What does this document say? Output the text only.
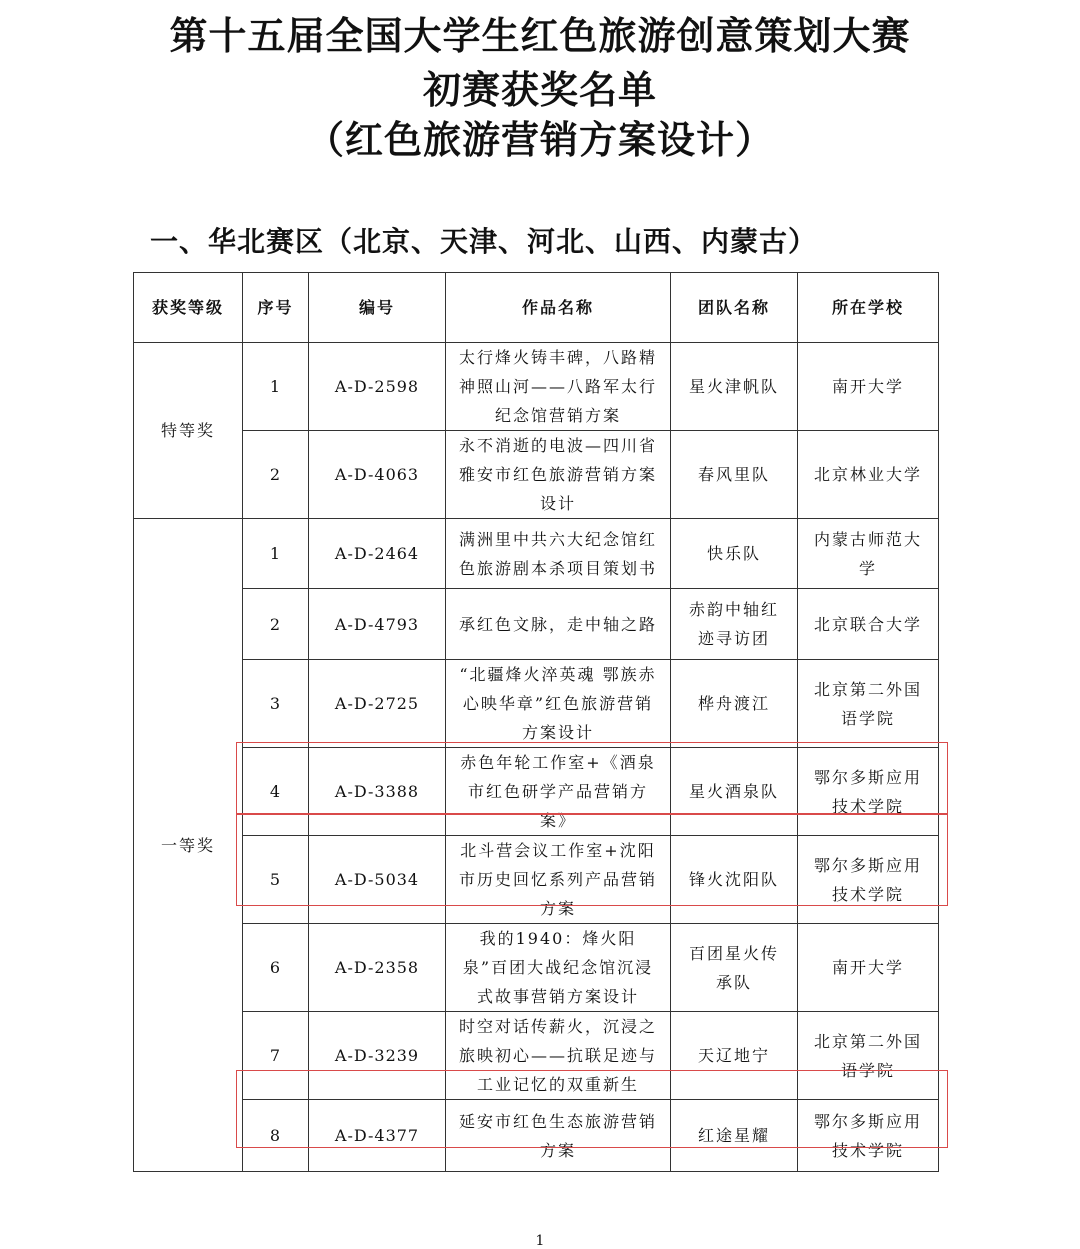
第十五届全国大学生红色旅游创意策划大赛
初赛获奖名单
（红色旅游营销方案设计）
一、华北赛区（北京、天津、河北、山西、内蒙古）
获奖等级	序号	编号	作品名称	团队名称	所在学校
特等奖	1	A-D-2598	太行烽火铸丰碑，八路精神照山河——八路军太行纪念馆营销方案	星火津帆队	南开大学
	2	A-D-4063	永不消逝的电波—四川省雅安市红色旅游营销方案设计	春风里队	北京林业大学
一等奖	1	A-D-2464	满洲里中共六大纪念馆红色旅游剧本杀项目策划书	快乐队	内蒙古师范大学
	2	A-D-4793	承红色文脉，走中轴之路	赤韵中轴红迹寻访团	北京联合大学
	3	A-D-2725	“北疆烽火淬英魂 鄂族赤心映华章”红色旅游营销方案设计	桦舟渡江	北京第二外国语学院
	4	A-D-3388	赤色年轮工作室+《酒泉市红色研学产品营销方案》	星火酒泉队	鄂尔多斯应用技术学院
	5	A-D-5034	北斗营会议工作室+沈阳市历史回忆系列产品营销方案	锋火沈阳队	鄂尔多斯应用技术学院
	6	A-D-2358	我的1940：烽火阳泉”百团大战纪念馆沉浸式故事营销方案设计	百团星火传承队	南开大学
	7	A-D-3239	时空对话传薪火，沉浸之旅映初心——抗联足迹与工业记忆的双重新生	天辽地宁	北京第二外国语学院
	8	A-D-4377	延安市红色生态旅游营销方案	红途星耀	鄂尔多斯应用技术学院
1
